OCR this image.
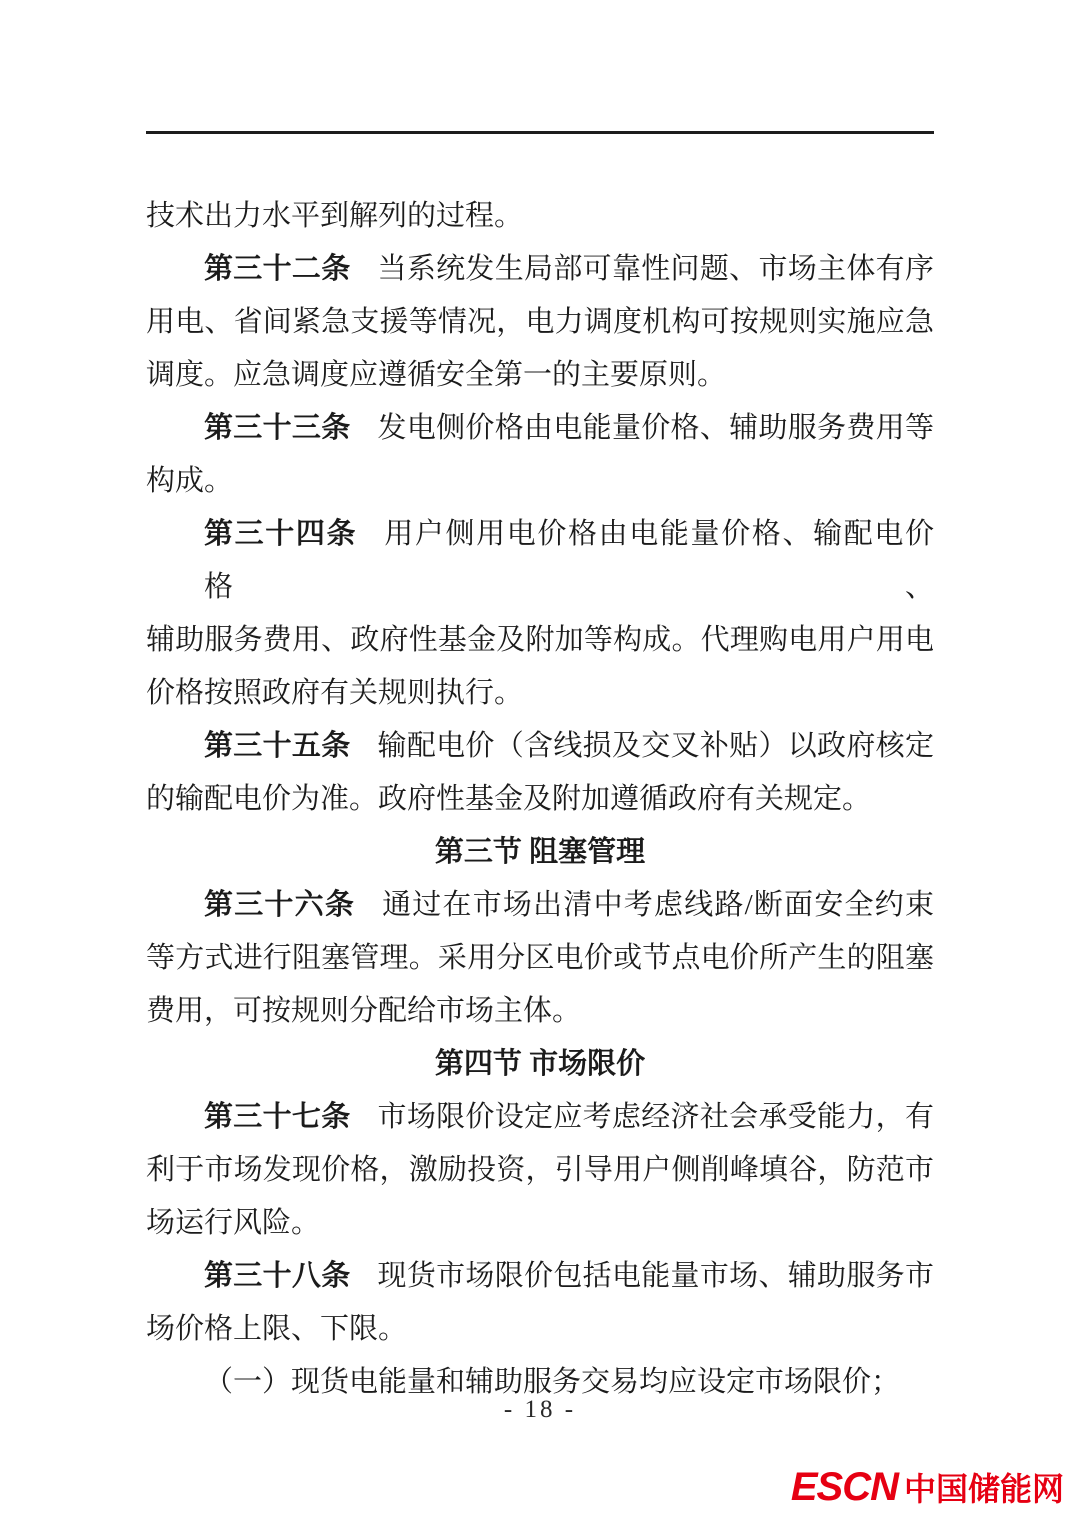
技术出力水平到解列的过程。
第三十二条 当系统发生局部可靠性问题、市场主体有序
用电、省间紧急支援等情况，电力调度机构可按规则实施应急
调度。应急调度应遵循安全第一的主要原则。
第三十三条 发电侧价格由电能量价格、辅助服务费用等
构成。
第三十四条 用户侧用电价格由电能量价格、输配电价格、
辅助服务费用、政府性基金及附加等构成。代理购电用户用电
价格按照政府有关规则执行。
第三十五条 输配电价（含线损及交叉补贴）以政府核定
的输配电价为准。政府性基金及附加遵循政府有关规定。
第三节 阻塞管理
第三十六条 通过在市场出清中考虑线路/断面安全约束
等方式进行阻塞管理。采用分区电价或节点电价所产生的阻塞
费用，可按规则分配给市场主体。
第四节 市场限价
第三十七条 市场限价设定应考虑经济社会承受能力，有
利于市场发现价格，激励投资，引导用户侧削峰填谷，防范市
场运行风险。
第三十八条 现货市场限价包括电能量市场、辅助服务市
场价格上限、下限。
（一）现货电能量和辅助服务交易均应设定市场限价；
- 18 -
ESCN 中国储能网
